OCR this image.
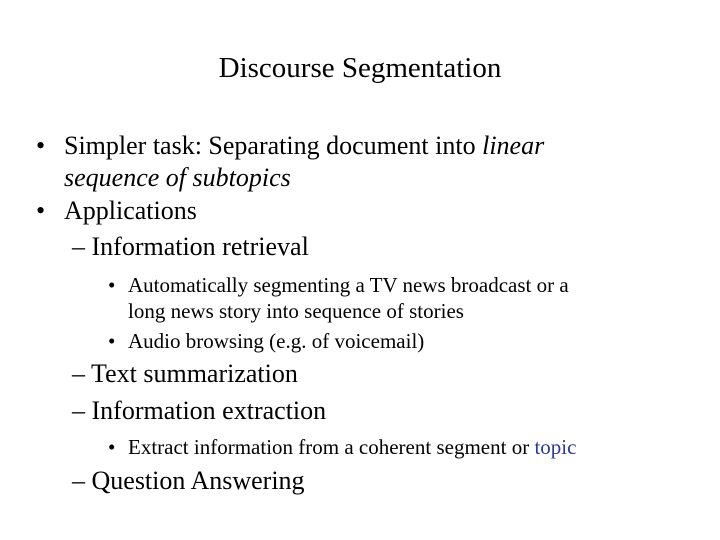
Discourse Segmentation
• Simpler task: Separating document into linear
sequence of subtopics
• Applications
– Information retrieval
• Automatically segmenting a TV news broadcast or a
long news story into sequence of stories
• Audio browsing (e.g. of voicemail)
– Text summarization
– Information extraction
• Extract information from a coherent segment or topic
– Question Answering
